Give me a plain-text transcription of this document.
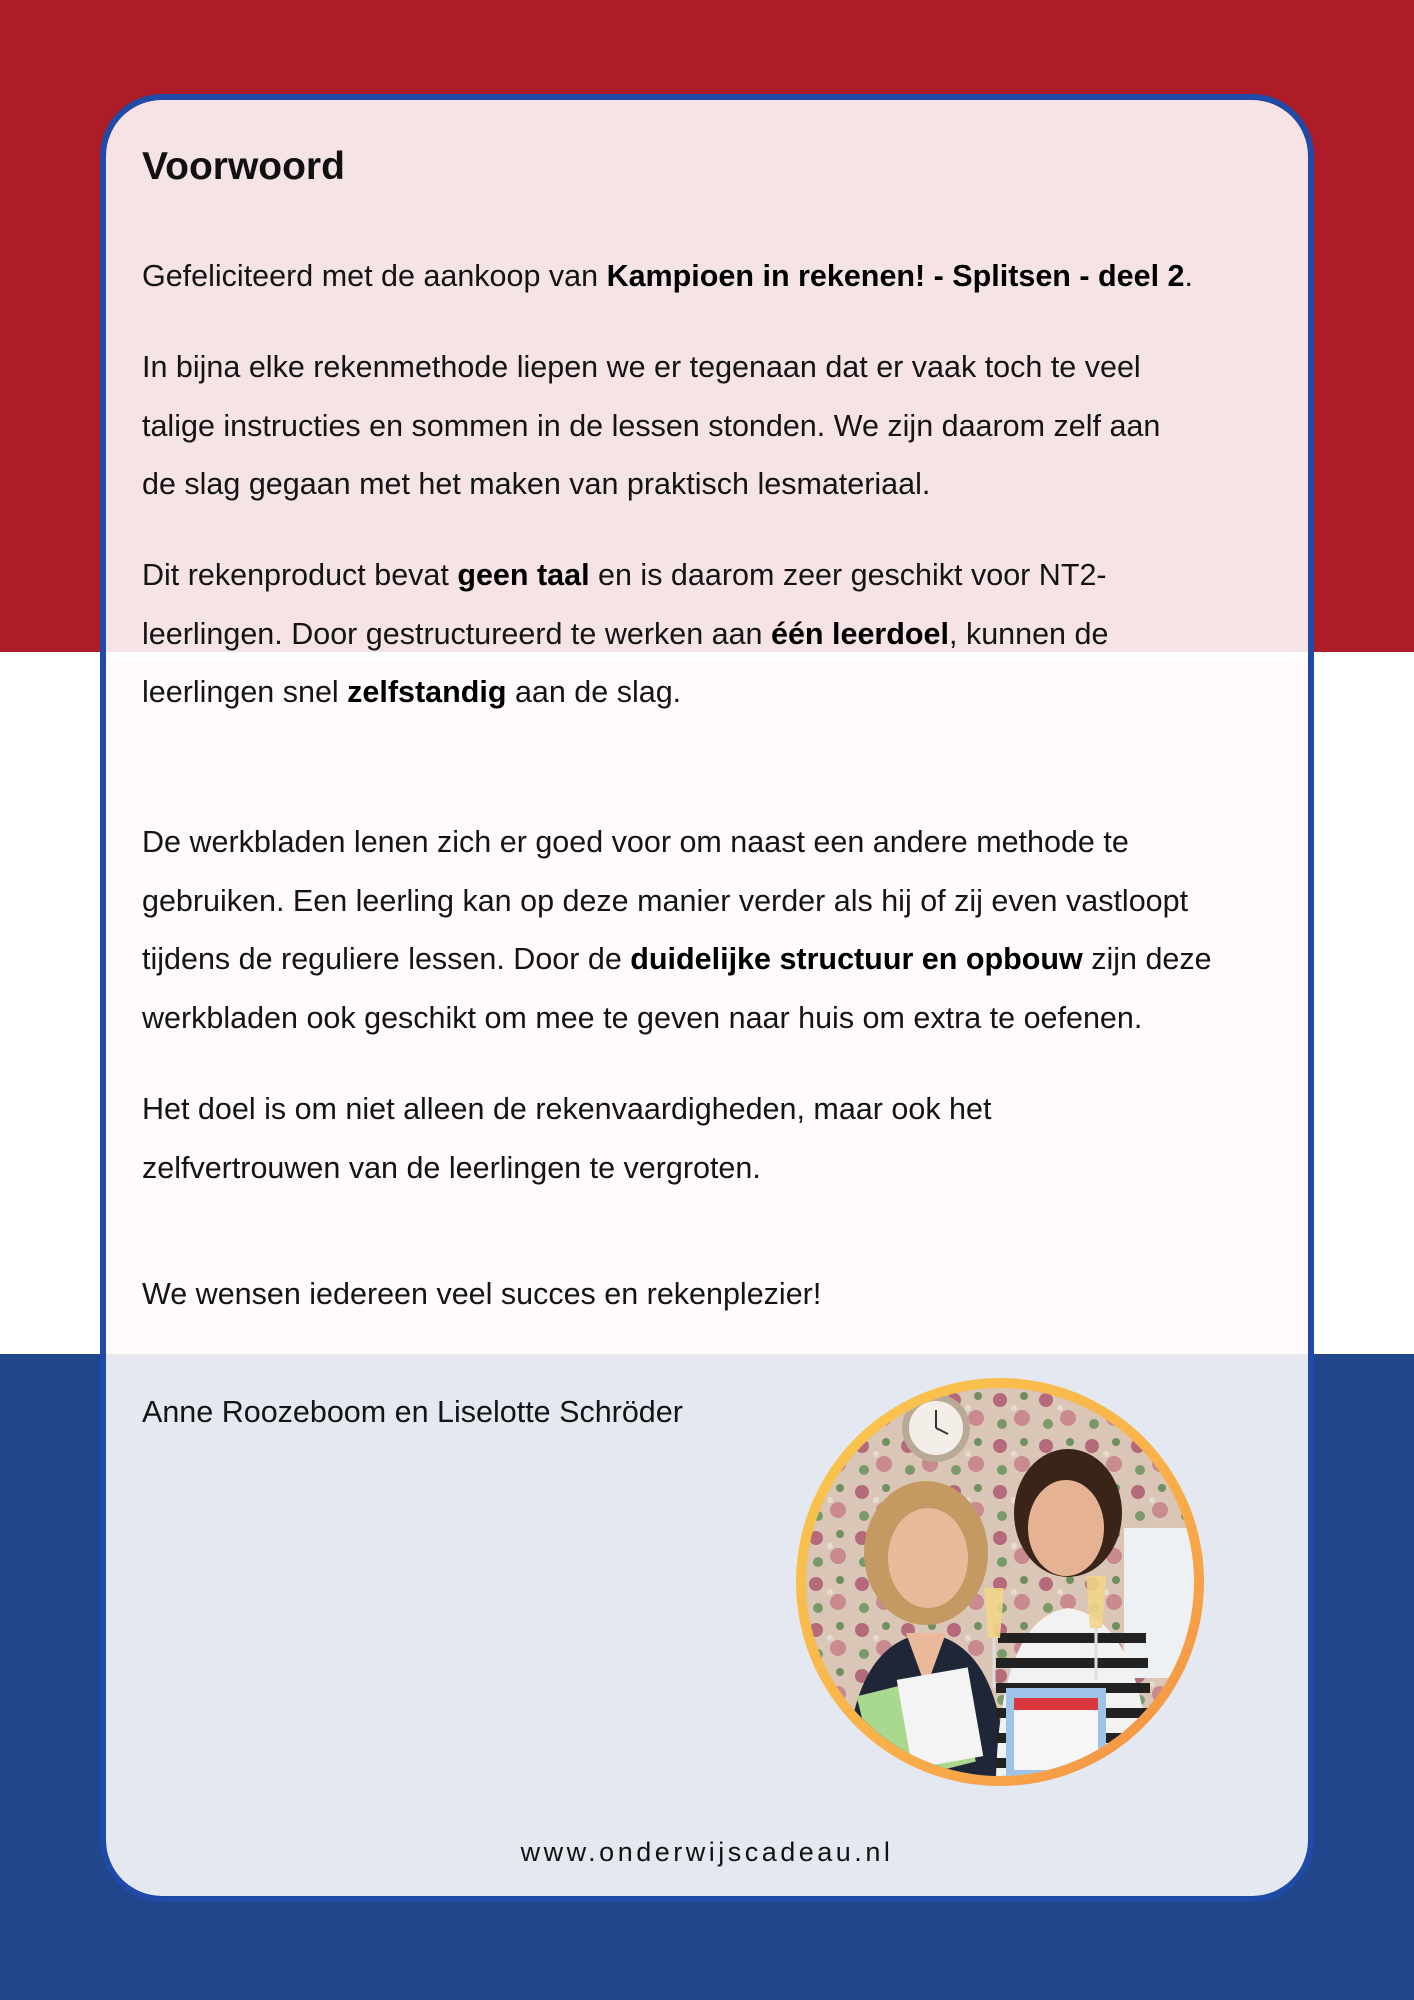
Voorwoord

Gefeliciteerd met de aankoop van Kampioen in rekenen! - Splitsen - deel 2.

In bijna elke rekenmethode liepen we er tegenaan dat er vaak toch te veel
talige instructies en sommen in de lessen stonden. We zijn daarom zelf aan
de slag gegaan met het maken van praktisch lesmateriaal.

Dit rekenproduct bevat geen taal en is daarom zeer geschikt voor NT2-
leerlingen. Door gestructureerd te werken aan één leerdoel, kunnen de
leerlingen snel zelfstandig aan de slag.

De werkbladen lenen zich er goed voor om naast een andere methode te
gebruiken. Een leerling kan op deze manier verder als hij of zij even vastloopt
tijdens de reguliere lessen. Door de duidelijke structuur en opbouw zijn deze
werkbladen ook geschikt om mee te geven naar huis om extra te oefenen.

Het doel is om niet alleen de rekenvaardigheden, maar ook het
zelfvertrouwen van de leerlingen te vergroten.

We wensen iedereen veel succes en rekenplezier!

Anne Roozeboom en Liselotte Schröder

www.onderwijscadeau.nl
